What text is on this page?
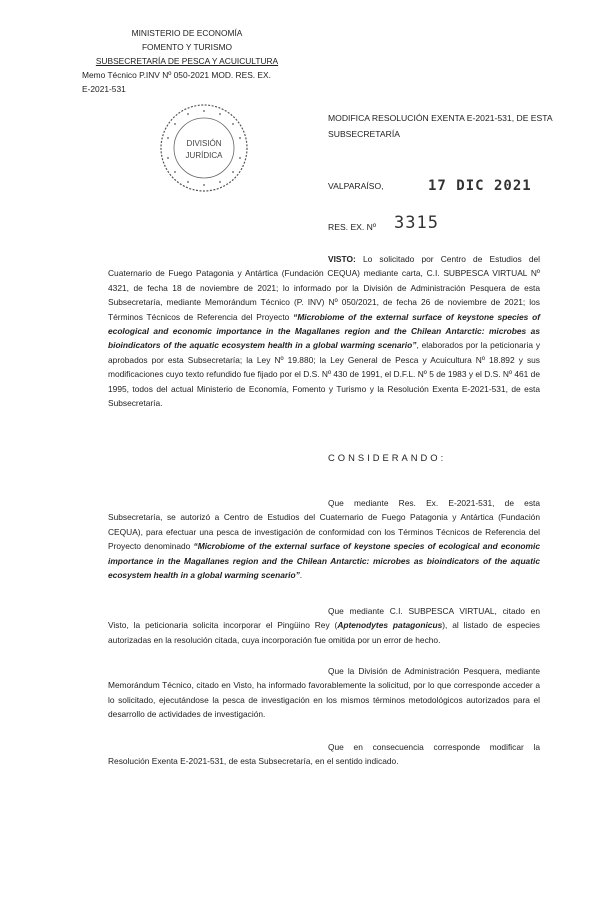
MINISTERIO DE ECONOMÍA
FOMENTO Y TURISMO
SUBSECRETARÍA DE PESCA Y ACUICULTURA
Memo Técnico P.INV Nº 050-2021 MOD. RES. EX.
E-2021-531
DIVISIÓN
JURÍDICA
MODIFICA RESOLUCIÓN EXENTA E-2021-531, DE ESTA SUBSECRETARÍA
VALPARAÍSO,	17 DIC 2021
RES. EX. Nº 3315
VISTO: Lo solicitado por Centro de Estudios del Cuaternario de Fuego Patagonia y Antártica (Fundación CEQUA) mediante carta, C.I. SUBPESCA VIRTUAL Nº 4321, de fecha 18 de noviembre de 2021; lo informado por la División de Administración Pesquera de esta Subsecretaría, mediante Memorándum Técnico (P. INV) Nº 050/2021, de fecha 26 de noviembre de 2021; los Términos Técnicos de Referencia del Proyecto “Microbiome of the external surface of keystone species of ecological and economic importance in the Magallanes region and the Chilean Antarctic: microbes as bioindicators of the aquatic ecosystem health in a global warming scenario”, elaborados por la peticionaria y aprobados por esta Subsecretaría; la Ley Nº 19.880; la Ley General de Pesca y Acuicultura Nº 18.892 y sus modificaciones cuyo texto refundido fue fijado por el D.S. Nº 430 de 1991, el D.F.L. Nº 5 de 1983 y el D.S. Nº 461 de 1995, todos del actual Ministerio de Economía, Fomento y Turismo y la Resolución Exenta E-2021-531, de esta Subsecretaría.
CONSIDERANDO:
Que mediante Res. Ex. E-2021-531, de esta Subsecretaría, se autorizó a Centro de Estudios del Cuaternario de Fuego Patagonia y Antártica (Fundación CEQUA), para efectuar una pesca de investigación de conformidad con los Términos Técnicos de Referencia del Proyecto denominado “Microbiome of the external surface of keystone species of ecological and economic importance in the Magallanes region and the Chilean Antarctic: microbes as bioindicators of the aquatic ecosystem health in a global warming scenario”.
Que mediante C.I. SUBPESCA VIRTUAL, citado en Visto, la peticionaria solicita incorporar el Pingüino Rey (Aptenodytes patagonicus), al listado de especies autorizadas en la resolución citada, cuya incorporación fue omitida por un error de hecho.
Que la División de Administración Pesquera, mediante Memorándum Técnico, citado en Visto, ha informado favorablemente la solicitud, por lo que corresponde acceder a lo solicitado, ejecutándose la pesca de investigación en los mismos términos metodológicos autorizados para el desarrollo de actividades de investigación.
Que en consecuencia corresponde modificar la Resolución Exenta E-2021-531, de esta Subsecretaría, en el sentido indicado.
